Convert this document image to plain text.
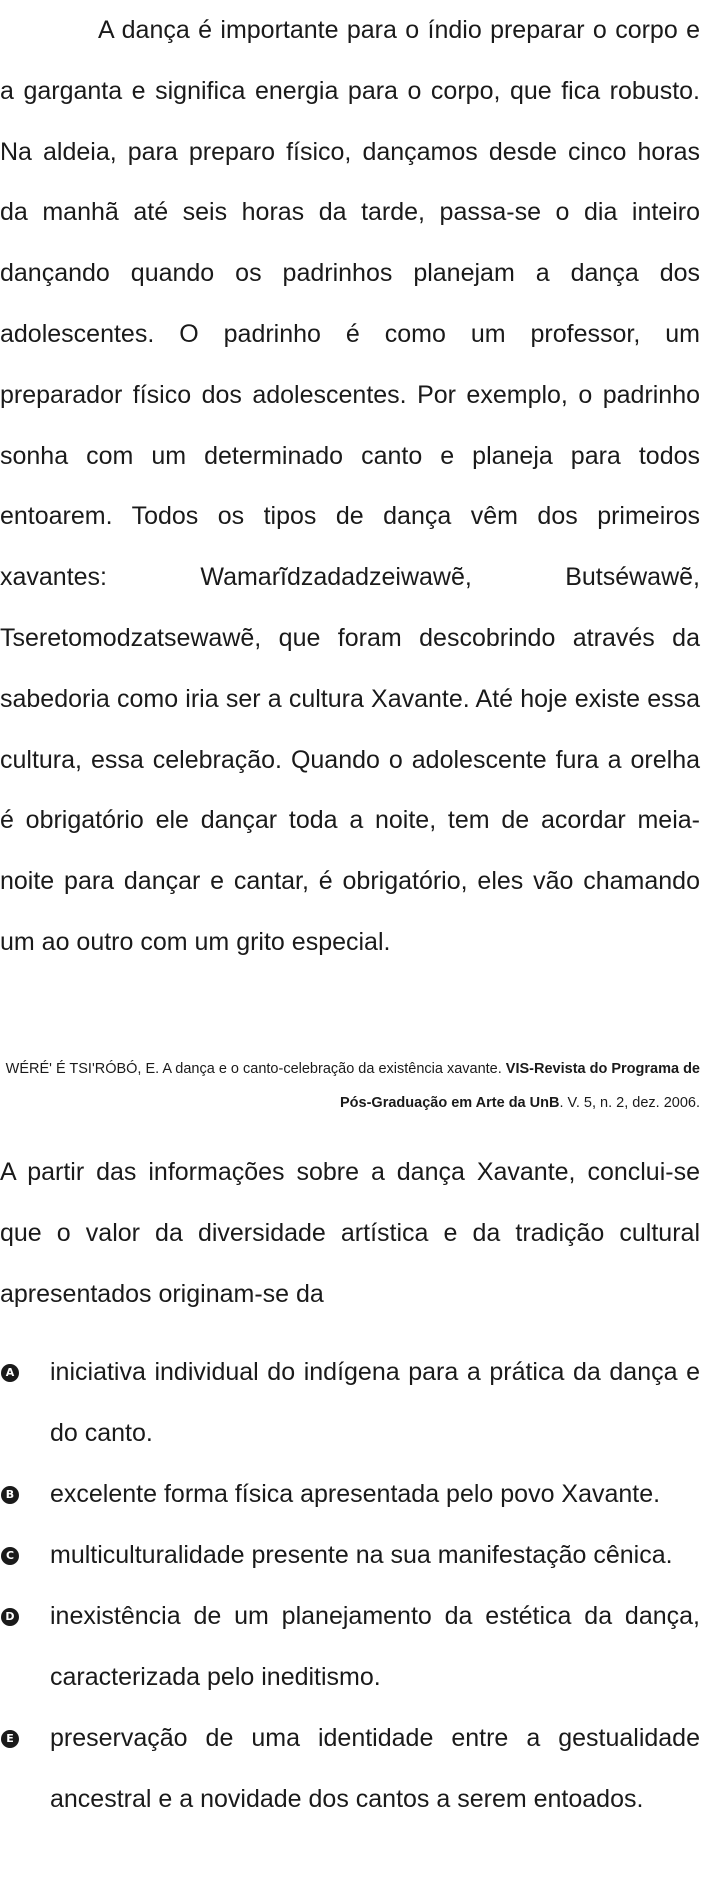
A dança é importante para o índio preparar o corpo e a garganta e significa energia para o corpo, que fica robusto. Na aldeia, para preparo físico, dançamos desde cinco horas da manhã até seis horas da tarde, passa-se o dia inteiro dançando quando os padrinhos planejam a dança dos adolescentes. O padrinho é como um professor, um preparador físico dos adolescentes. Por exemplo, o padrinho sonha com um determinado canto e planeja para todos entoarem. Todos os tipos de dança vêm dos primeiros xavantes: Wamarĩdzadadzeiwawẽ, Butséwawẽ, Tseretomodzatsewawẽ, que foram descobrindo através da sabedoria como iria ser a cultura Xavante. Até hoje existe essa cultura, essa celebração. Quando o adolescente fura a orelha é obrigatório ele dançar toda a noite, tem de acordar meia-noite para dançar e cantar, é obrigatório, eles vão chamando um ao outro com um grito especial.

WÉRÉ' É TSI'RÓBÓ, E. A dança e o canto-celebração da existência xavante. VIS-Revista do Programa de Pós-Graduação em Arte da UnB. V. 5, n. 2, dez. 2006.

A partir das informações sobre a dança Xavante, conclui-se que o valor da diversidade artística e da tradição cultural apresentados originam-se da

A iniciativa individual do indígena para a prática da dança e do canto.
B excelente forma física apresentada pelo povo Xavante.
C multiculturalidade presente na sua manifestação cênica.
D inexistência de um planejamento da estética da dança, caracterizada pelo ineditismo.
E preservação de uma identidade entre a gestualidade ancestral e a novidade dos cantos a serem entoados.
